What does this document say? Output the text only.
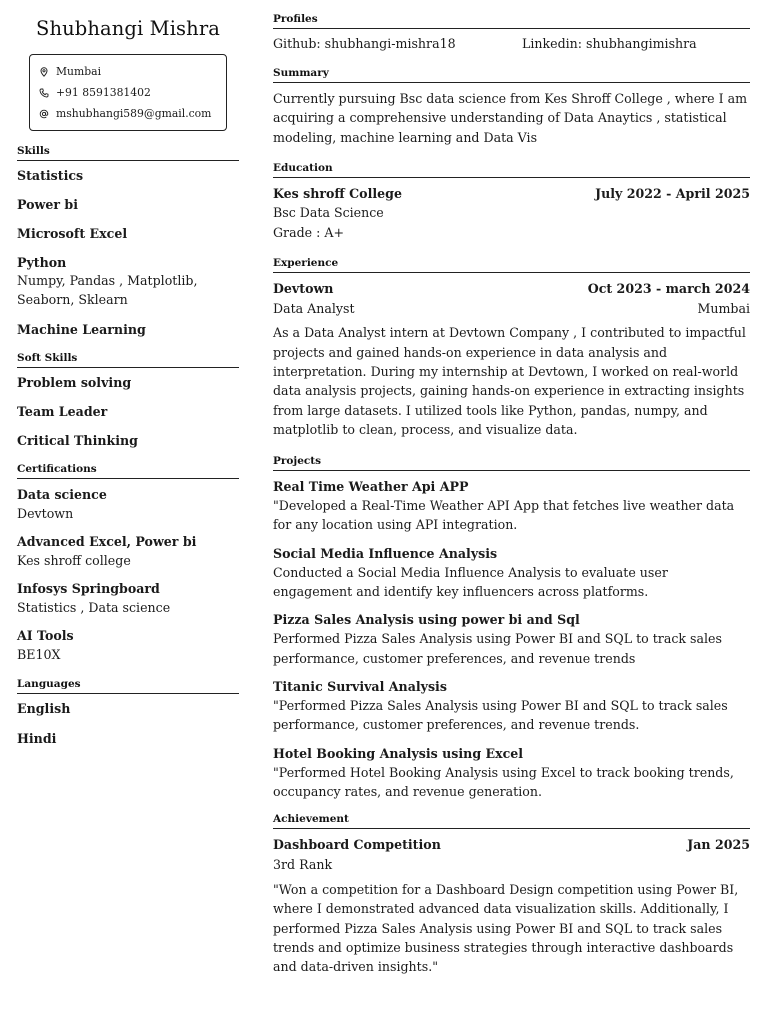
Shubhangi Mishra
Mumbai
+91 8591381402
mshubhangi589@gmail.com
Skills
Statistics
Power bi
Microsoft Excel
Python
Numpy, Pandas , Matplotlib, Seaborn, Sklearn
Machine Learning
Soft Skills
Problem solving
Team Leader
Critical Thinking
Certifications
Data science
Devtown
Advanced Excel, Power bi
Kes shroff college
Infosys Springboard
Statistics , Data science
AI Tools
BE10X
Languages
English
Hindi
Profiles
Github: shubhangi-mishra18	Linkedin: shubhangimishra
Summary

Currently pursuing Bsc data science from Kes Shroff College , where I am acquiring a comprehensive understanding of Data Anaytics , statistical modeling, machine learning and Data Vis

Education
Kes shroff College	July 2022 - April 2025
Bsc Data Science
Grade : A+
Experience
Devtown	Oct 2023 - march 2024
Data Analyst	Mumbai

As a Data Analyst intern at Devtown Company , I contributed to impactful projects and gained hands-on experience in data analysis and interpretation. During my internship at Devtown, I worked on real-world data analysis projects, gaining hands-on experience in extracting insights from large datasets. I utilized tools like Python, pandas, numpy, and matplotlib to clean, process, and visualize data.

Projects
Real Time Weather Api APP

"Developed a Real-Time Weather API App that fetches live weather data for any location using API integration.

Social Media Influence Analysis

Conducted a Social Media Influence Analysis to evaluate user engagement and identify key influencers across platforms.

Pizza Sales Analysis using power bi and Sql

Performed Pizza Sales Analysis using Power BI and SQL to track sales performance, customer preferences, and revenue trends

Titanic Survival Analysis

"Performed Pizza Sales Analysis using Power BI and SQL to track sales performance, customer preferences, and revenue trends.

Hotel Booking Analysis using Excel

"Performed Hotel Booking Analysis using Excel to track booking trends, occupancy rates, and revenue generation.

Achievement
Dashboard Competition	Jan 2025
3rd Rank

"Won a competition for a Dashboard Design competition using Power BI, where I demonstrated advanced data visualization skills. Additionally, I performed Pizza Sales Analysis using Power BI and SQL to track sales trends and optimize business strategies through interactive dashboards and data-driven insights."
